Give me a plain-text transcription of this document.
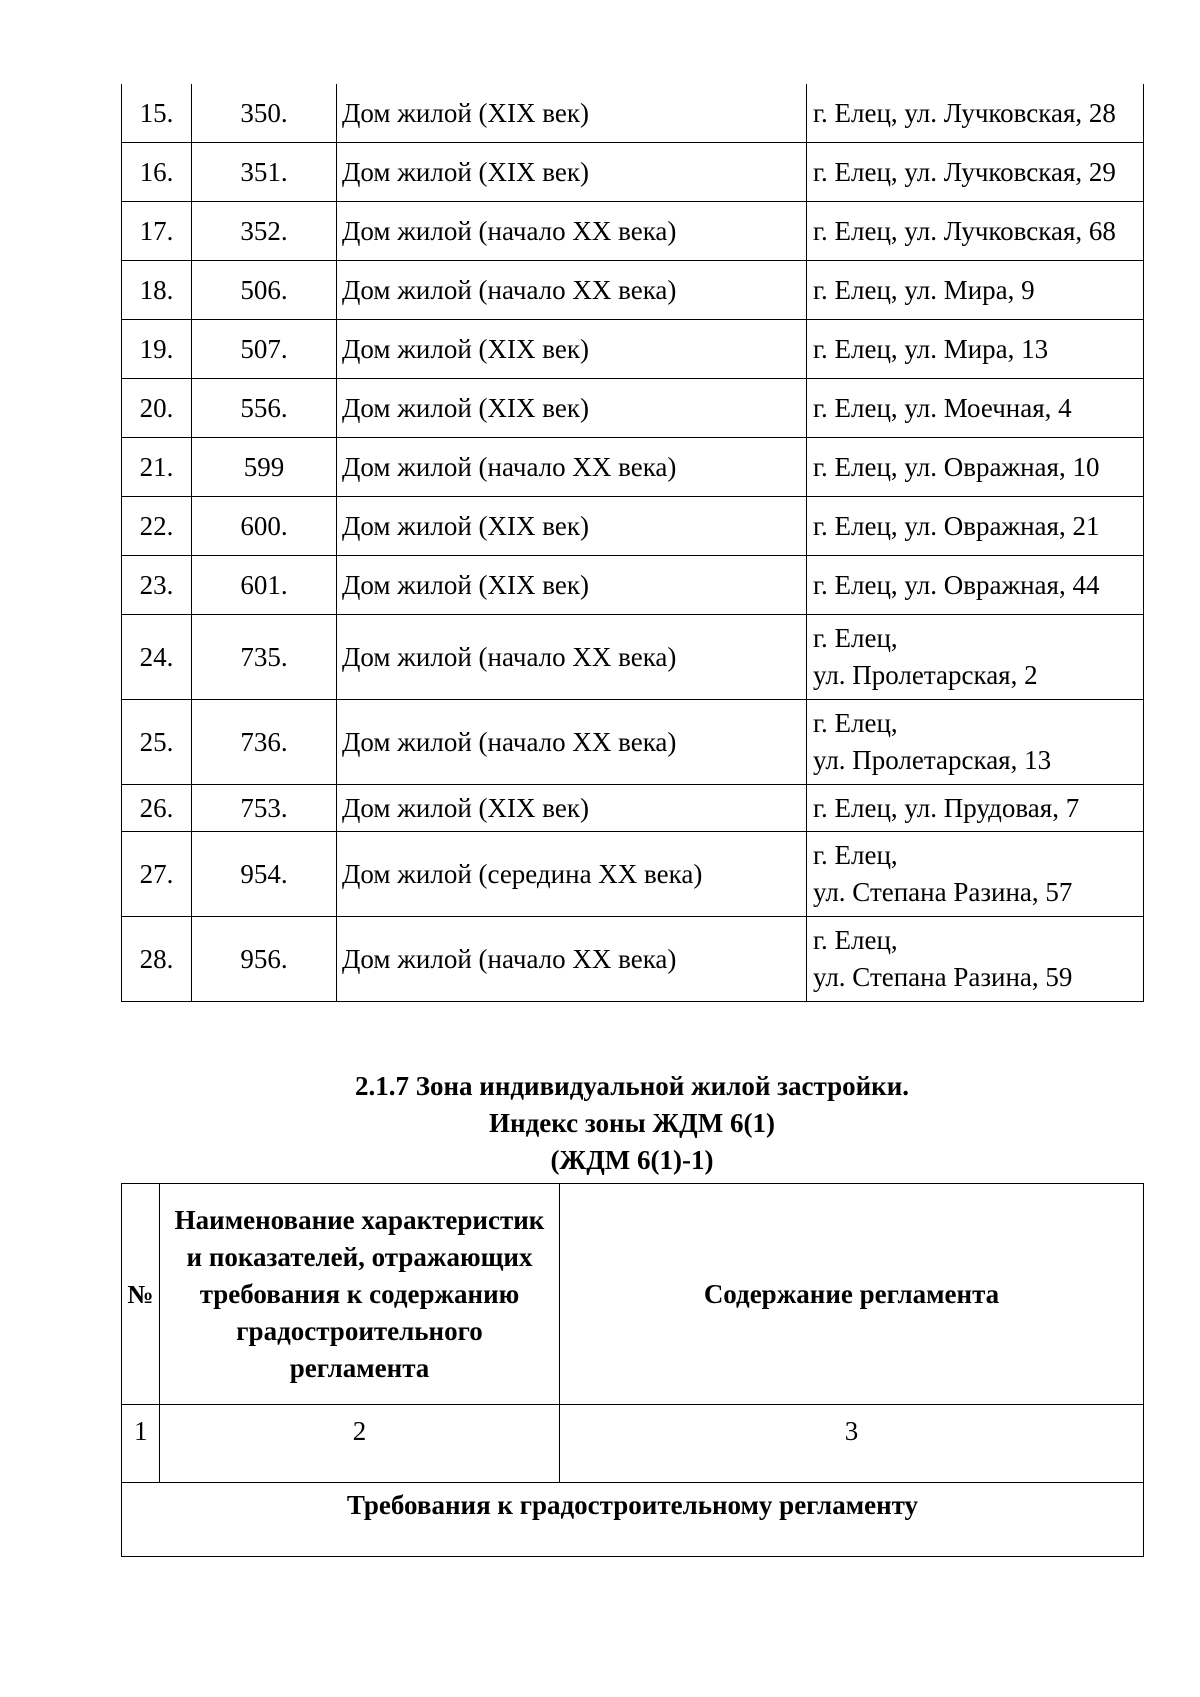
15.	350.	Дом жилой (XIX век)	г. Елец, ул. Лучковская, 28

16.	351.	Дом жилой (XIX век)	г. Елец, ул. Лучковская, 29

17.	352.	Дом жилой (начало XX века)	г. Елец, ул. Лучковская, 68

18.	506.	Дом жилой (начало XX века)	г. Елец, ул. Мира, 9

19.	507.	Дом жилой (XIX век)	г. Елец, ул. Мира, 13

20.	556.	Дом жилой (XIX век)	г. Елец, ул. Моечная, 4

21.	599	Дом жилой (начало XX века)	г. Елец, ул. Овражная, 10

22.	600.	Дом жилой (XIX век)	г. Елец, ул. Овражная, 21

23.	601.	Дом жилой (XIX век)	г. Елец, ул. Овражная, 44

24.	735.	Дом жилой (начало XX века)	г. Елец,
ул. Пролетарская, 2

25.	736.	Дом жилой (начало XX века)	г. Елец,
ул. Пролетарская, 13

26.	753.	Дом жилой (XIX век)	г. Елец, ул. Прудовая, 7

27.	954.	Дом жилой (середина XX века)	г. Елец,
ул. Степана Разина, 57

28.	956.	Дом жилой (начало XX века)	г. Елец,
ул. Степана Разина, 59
2.1.7 Зона индивидуальной жилой застройки.
Индекс зоны ЖДМ 6(1)
(ЖДМ 6(1)-1)
№	Наименование характеристик и показателей, отражающих требования к содержанию градостроительного регламента	Содержание регламента
1	2	3
Требования к градостроительному регламенту		
